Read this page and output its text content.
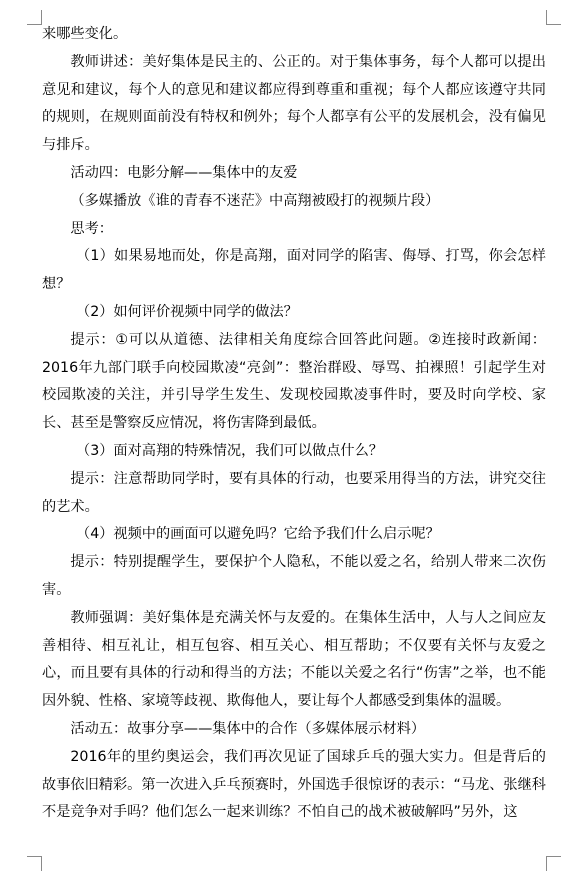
来哪些变化。

教师讲述：美好集体是民主的、公正的。对于集体事务，每个人都可以提出意见和建议，每个人的意见和建议都应得到尊重和重视；每个人都应该遵守共同的规则，在规则面前没有特权和例外；每个人都享有公平的发展机会，没有偏见与排斥。

活动四：电影分解——集体中的友爱

（多媒播放《谁的青春不迷茫》中高翔被殴打的视频片段）

思考：

（1）如果易地而处，你是高翔，面对同学的陷害、侮辱、打骂，你会怎样想？

（2）如何评价视频中同学的做法？

提示：①可以从道德、法律相关角度综合回答此问题。②连接时政新闻：2016年九部门联手向校园欺凌“亮剑”：整治群殴、辱骂、拍裸照！引起学生对校园欺凌的关注，并引导学生发生、发现校园欺凌事件时，要及时向学校、家长、甚至是警察反应情况，将伤害降到最低。

（3）面对高翔的特殊情况，我们可以做点什么？

提示：注意帮助同学时，要有具体的行动，也要采用得当的方法，讲究交往的艺术。

（4）视频中的画面可以避免吗？它给予我们什么启示呢？

提示：特别提醒学生，要保护个人隐私，不能以爱之名，给别人带来二次伤害。

教师强调：美好集体是充满关怀与友爱的。在集体生活中，人与人之间应友善相待、相互礼让，相互包容、相互关心、相互帮助；不仅要有关怀与友爱之心，而且要有具体的行动和得当的方法；不能以关爱之名行“伤害”之举，也不能因外貌、性格、家境等歧视、欺侮他人，要让每个人都感受到集体的温暖。

活动五：故事分享——集体中的合作（多媒体展示材料）

2016年的里约奥运会，我们再次见证了国球乒乓的强大实力。但是背后的故事依旧精彩。第一次进入乒乓预赛时，外国选手很惊讶的表示：“马龙、张继科不是竞争对手吗？他们怎么一起来训练？不怕自己的战术被破解吗”另外，这
